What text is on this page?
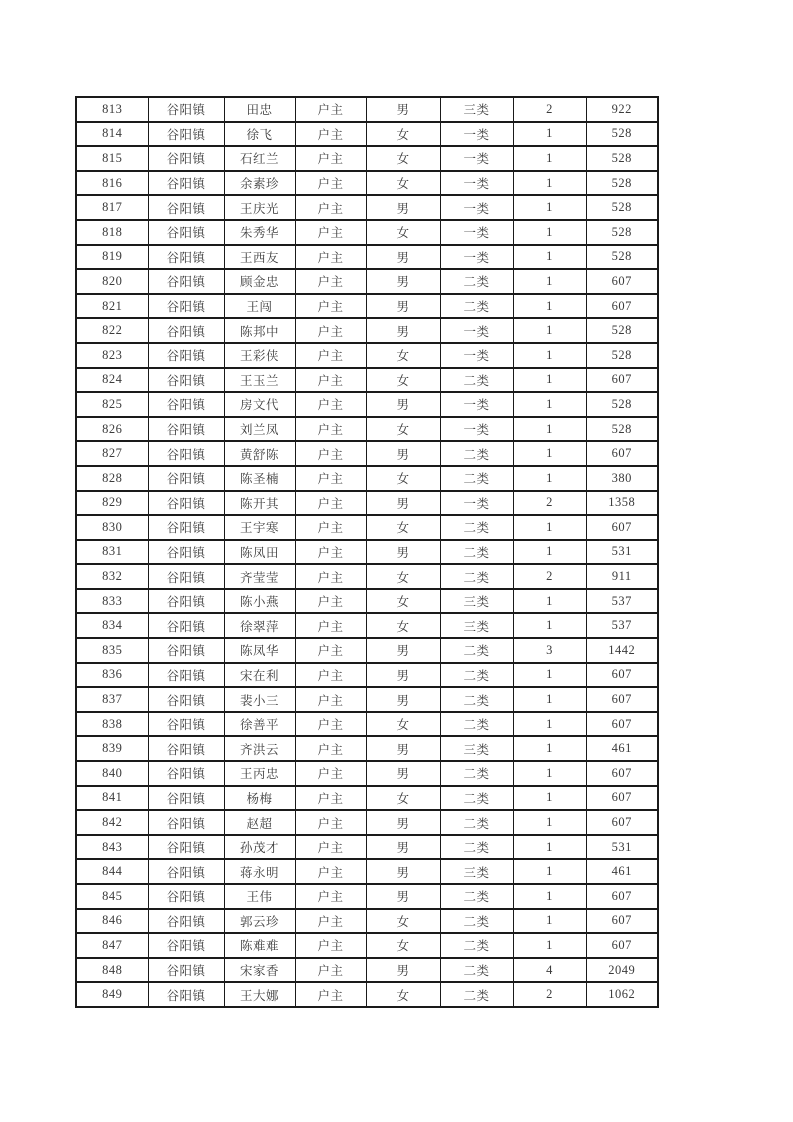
813	谷阳镇	田忠	户主	男	三类	2	922
814	谷阳镇	徐飞	户主	女	一类	1	528
815	谷阳镇	石红兰	户主	女	一类	1	528
816	谷阳镇	余素珍	户主	女	一类	1	528
817	谷阳镇	王庆光	户主	男	一类	1	528
818	谷阳镇	朱秀华	户主	女	一类	1	528
819	谷阳镇	王西友	户主	男	一类	1	528
820	谷阳镇	顾金忠	户主	男	二类	1	607
821	谷阳镇	王闯	户主	男	二类	1	607
822	谷阳镇	陈邦中	户主	男	一类	1	528
823	谷阳镇	王彩侠	户主	女	一类	1	528
824	谷阳镇	王玉兰	户主	女	二类	1	607
825	谷阳镇	房文代	户主	男	一类	1	528
826	谷阳镇	刘兰凤	户主	女	一类	1	528
827	谷阳镇	黄舒陈	户主	男	二类	1	607
828	谷阳镇	陈圣楠	户主	女	二类	1	380
829	谷阳镇	陈开其	户主	男	一类	2	1358
830	谷阳镇	王宇寒	户主	女	二类	1	607
831	谷阳镇	陈凤田	户主	男	二类	1	531
832	谷阳镇	齐莹莹	户主	女	二类	2	911
833	谷阳镇	陈小燕	户主	女	三类	1	537
834	谷阳镇	徐翠萍	户主	女	三类	1	537
835	谷阳镇	陈凤华	户主	男	二类	3	1442
836	谷阳镇	宋在利	户主	男	二类	1	607
837	谷阳镇	裴小三	户主	男	二类	1	607
838	谷阳镇	徐善平	户主	女	二类	1	607
839	谷阳镇	齐洪云	户主	男	三类	1	461
840	谷阳镇	王丙忠	户主	男	二类	1	607
841	谷阳镇	杨梅	户主	女	二类	1	607
842	谷阳镇	赵超	户主	男	二类	1	607
843	谷阳镇	孙茂才	户主	男	二类	1	531
844	谷阳镇	蒋永明	户主	男	三类	1	461
845	谷阳镇	王伟	户主	男	二类	1	607
846	谷阳镇	郭云珍	户主	女	二类	1	607
847	谷阳镇	陈难难	户主	女	二类	1	607
848	谷阳镇	宋家香	户主	男	二类	4	2049
849	谷阳镇	王大娜	户主	女	二类	2	1062
